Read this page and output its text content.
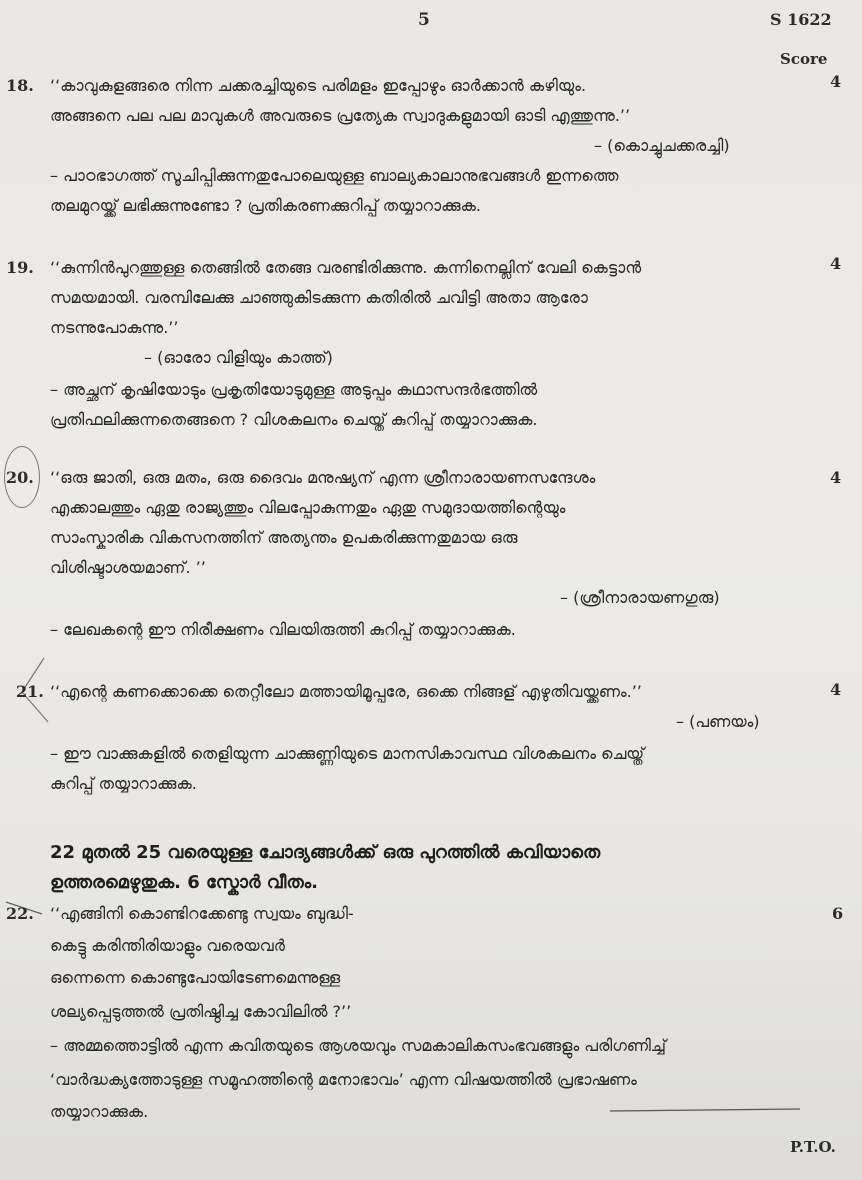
5	S 1622
Score
18.	4
‘‘കാവുകുളങ്ങരെ നിന്ന ചക്കരച്ചിയുടെ പരിമളം ഇപ്പോഴും ഓർക്കാൻ കഴിയും.
അങ്ങനെ പല പല മാവുകൾ അവരുടെ പ്രത്യേക സ്വാദുകളുമായി ഓടി എത്തുന്നു.’’
– (കൊച്ചുചക്കരച്ചി)
– പാഠഭാഗത്ത് സൂചിപ്പിക്കുന്നതുപോലെയുള്ള ബാല്യകാലാനുഭവങ്ങൾ ഇന്നത്തെ
തലമുറയ്ക്ക് ലഭിക്കുന്നുണ്ടോ ? പ്രതികരണക്കുറിപ്പ് തയ്യാറാക്കുക.
19.	4
‘‘കുന്നിൻപുറത്തുള്ള തെങ്ങിൽ തേങ്ങ വരണ്ടിരിക്കുന്നു. കന്നിനെല്ലിന് വേലി കെട്ടാൻ
സമയമായി. വരമ്പിലേക്കു ചാഞ്ഞുകിടക്കുന്ന കതിരിൽ ചവിട്ടി അതാ ആരോ
നടന്നുപോകുന്നു.’’
– (ഓരോ വിളിയും കാത്ത്)
– അച്ഛന് കൃഷിയോടും പ്രകൃതിയോടുമുള്ള അടുപ്പം കഥാസന്ദർഭത്തിൽ
പ്രതിഫലിക്കുന്നതെങ്ങനെ ? വിശകലനം ചെയ്ത് കുറിപ്പ് തയ്യാറാക്കുക.
20.	4
‘‘ഒരു ജാതി, ഒരു മതം, ഒരു ദൈവം മനുഷ്യന് എന്ന ശ്രീനാരായണസന്ദേശം
എക്കാലത്തും ഏതു രാജ്യത്തും വിലപ്പോകുന്നതും ഏതു സമുദായത്തിന്റെയും
സാംസ്കാരിക വികസനത്തിന് അത്യന്തം ഉപകരിക്കുന്നതുമായ ഒരു
വിശിഷ്ടാശയമാണ്. ’’
– (ശ്രീനാരായണഗുരു)
– ലേഖകന്റെ ഈ നിരീക്ഷണം വിലയിരുത്തി കുറിപ്പ് തയ്യാറാക്കുക.
21.	4
‘‘എന്റെ കണക്കൊക്കെ തെറ്റീലോ മത്തായിമൂപ്പരേ, ഒക്കെ നിങ്ങള് എഴുതിവയ്ക്കണം.’’
– (പണയം)
– ഈ വാക്കുകളിൽ തെളിയുന്ന ചാക്കുണ്ണിയുടെ മാനസികാവസ്ഥ വിശകലനം ചെയ്ത്
കുറിപ്പ് തയ്യാറാക്കുക.
22 മുതൽ 25 വരെയുള്ള ചോദ്യങ്ങൾക്ക് ഒരു പുറത്തിൽ കവിയാതെ
ഉത്തരമെഴുതുക. 6 സ്കോർ വീതം.
22.	6
‘‘എങ്ങിനി കൊണ്ടിറക്കേണ്ടു സ്വയം ബുദ്ധി-
കെട്ടു കരിന്തിരിയാളും വരെയവർ
ഒന്നെന്നെ കൊണ്ടുപോയിടേണമെന്നുള്ള
ശല്യപ്പെടുത്തൽ പ്രതിഷ്ഠിച്ച കോവിലിൽ ?’’
– അമ്മത്തൊട്ടിൽ എന്ന കവിതയുടെ ആശയവും സമകാലികസംഭവങ്ങളും പരിഗണിച്ച്
‘വാർദ്ധക്യത്തോടുള്ള സമൂഹത്തിന്റെ മനോഭാവം’ എന്ന വിഷയത്തിൽ പ്രഭാഷണം
തയ്യാറാക്കുക.
P.T.O.
